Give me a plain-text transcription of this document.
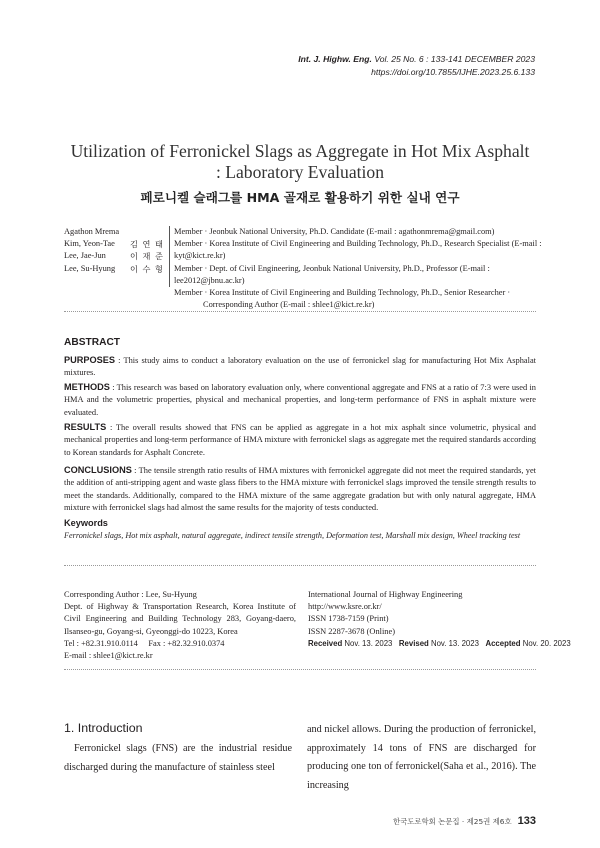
Int. J. Highw. Eng. Vol. 25 No. 6 : 133-141 DECEMBER 2023
https://doi.org/10.7855/IJHE.2023.25.6.133
Utilization of Ferronickel Slags as Aggregate in Hot Mix Asphalt
: Laboratory Evaluation
페로니켈 슬래그를 HMA 골재로 활용하기 위한 실내 연구
Agathon Mrema
Kim, Yeon-Tae
Lee, Jae-Jun
Lee, Su-Hyung

김 연 태
이 재 준
이 수 형
Member · Jeonbuk National University, Ph.D. Candidate (E-mail : agathonmrema@gmail.com)
Member · Korea Institute of Civil Engineering and Building Technology, Ph.D., Research Specialist (E-mail : kyt@kict.re.kr)
Member · Dept. of Civil Engineering, Jeonbuk National University, Ph.D., Professor (E-mail : lee2012@jbnu.ac.kr)
Member · Korea Institute of Civil Engineering and Building Technology, Ph.D., Senior Researcher ·
Corresponding Author (E-mail : shlee1@kict.re.kr)
ABSTRACT
PURPOSES : This study aims to conduct a laboratory evaluation on the use of ferronickel slag for manufacturing Hot Mix Asphalat mixtures.
METHODS : This research was based on laboratory evaluation only, where conventional aggregate and FNS at a ratio of 7:3 were used in HMA and the volumetric properties, physical and mechanical properties, and long-term performance of FNS in asphalt mixture were evaluated.
RESULTS : The overall results showed that FNS can be applied as aggregate in a hot mix asphalt since volumetric, physical and mechanical properties and long-term performance of HMA mixture with ferronickel slags as aggregate met the required standards according to Korean standards for Asphalt Concrete.
CONCLUSIONS : The tensile strength ratio results of HMA mixtures with ferronickel aggregate did not meet the required standards, yet the addition of anti-stripping agent and waste glass fibers to the HMA mixture with ferronickel slags improved the tensile strength results to meet the standards. Additionally, compared to the HMA mixture of the same aggregate gradation but with only natural aggregate, HMA mixture with ferronickel slags had almost the same results for the majority of tests conducted.
Keywords
Ferronickel slags, Hot mix asphalt, natural aggregate, indirect tensile strength, Deformation test, Marshall mix design, Wheel tracking test
Corresponding Author : Lee, Su-Hyung
Dept. of Highway & Transportation Research, Korea Institute of Civil Engineering and Building Technology 283, Goyang-daero, Ilsanseo-gu, Goyang-si, Gyeonggi-do 10223, Korea
Tel : +82.31.910.0114     Fax : +82.32.910.0374
E-mail : shlee1@kict.re.kr
International Journal of Highway Engineering
http://www.ksre.or.kr/
ISSN 1738-7159 (Print)
ISSN 2287-3678 (Online)
Received Nov. 13. 2023   Revised Nov. 13. 2023   Accepted Nov. 20. 2023
1. Introduction
Ferronickel slags (FNS) are the industrial residue discharged during the manufacture of stainless steel
and nickel allows. During the production of ferronickel, approximately 14 tons of FNS are discharged for producing one ton of ferronickel(Saha et al., 2016). The increasing
한국도로학회 논문집 · 제25권 제6호 133
